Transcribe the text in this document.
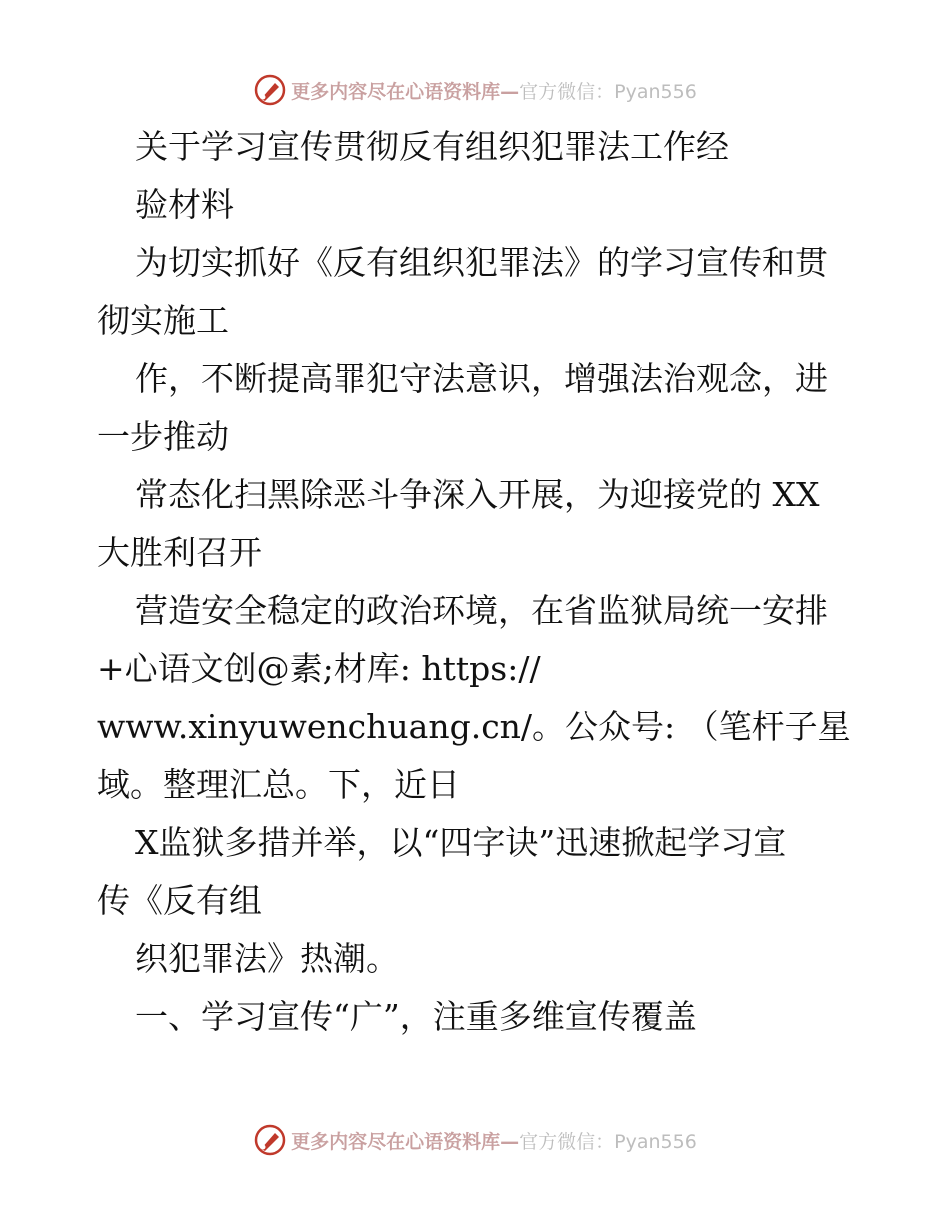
更多内容尽在心语资料库—官方微信：Pyan556
关于学习宣传贯彻反有组织犯罪法工作经
验材料
为切实抓好《反有组织犯罪法》的学习宣传和贯
彻实施工
作，不断提高罪犯守法意识，增强法治观念，进
一步推动
常态化扫黑除恶斗争深入开展，为迎接党的 XX
大胜利召开
营造安全稳定的政治环境，在省监狱局统一安排
+心语文创@素;材库: https://
www.xinyuwenchuang.cn/。公众号: （笔杆子星
域。整理汇总。下，近日
X监狱多措并举，以“四字诀”迅速掀起学习宣
传《反有组
织犯罪法》热潮。
一、学习宣传“广”，注重多维宣传覆盖
更多内容尽在心语资料库—官方微信：Pyan556
